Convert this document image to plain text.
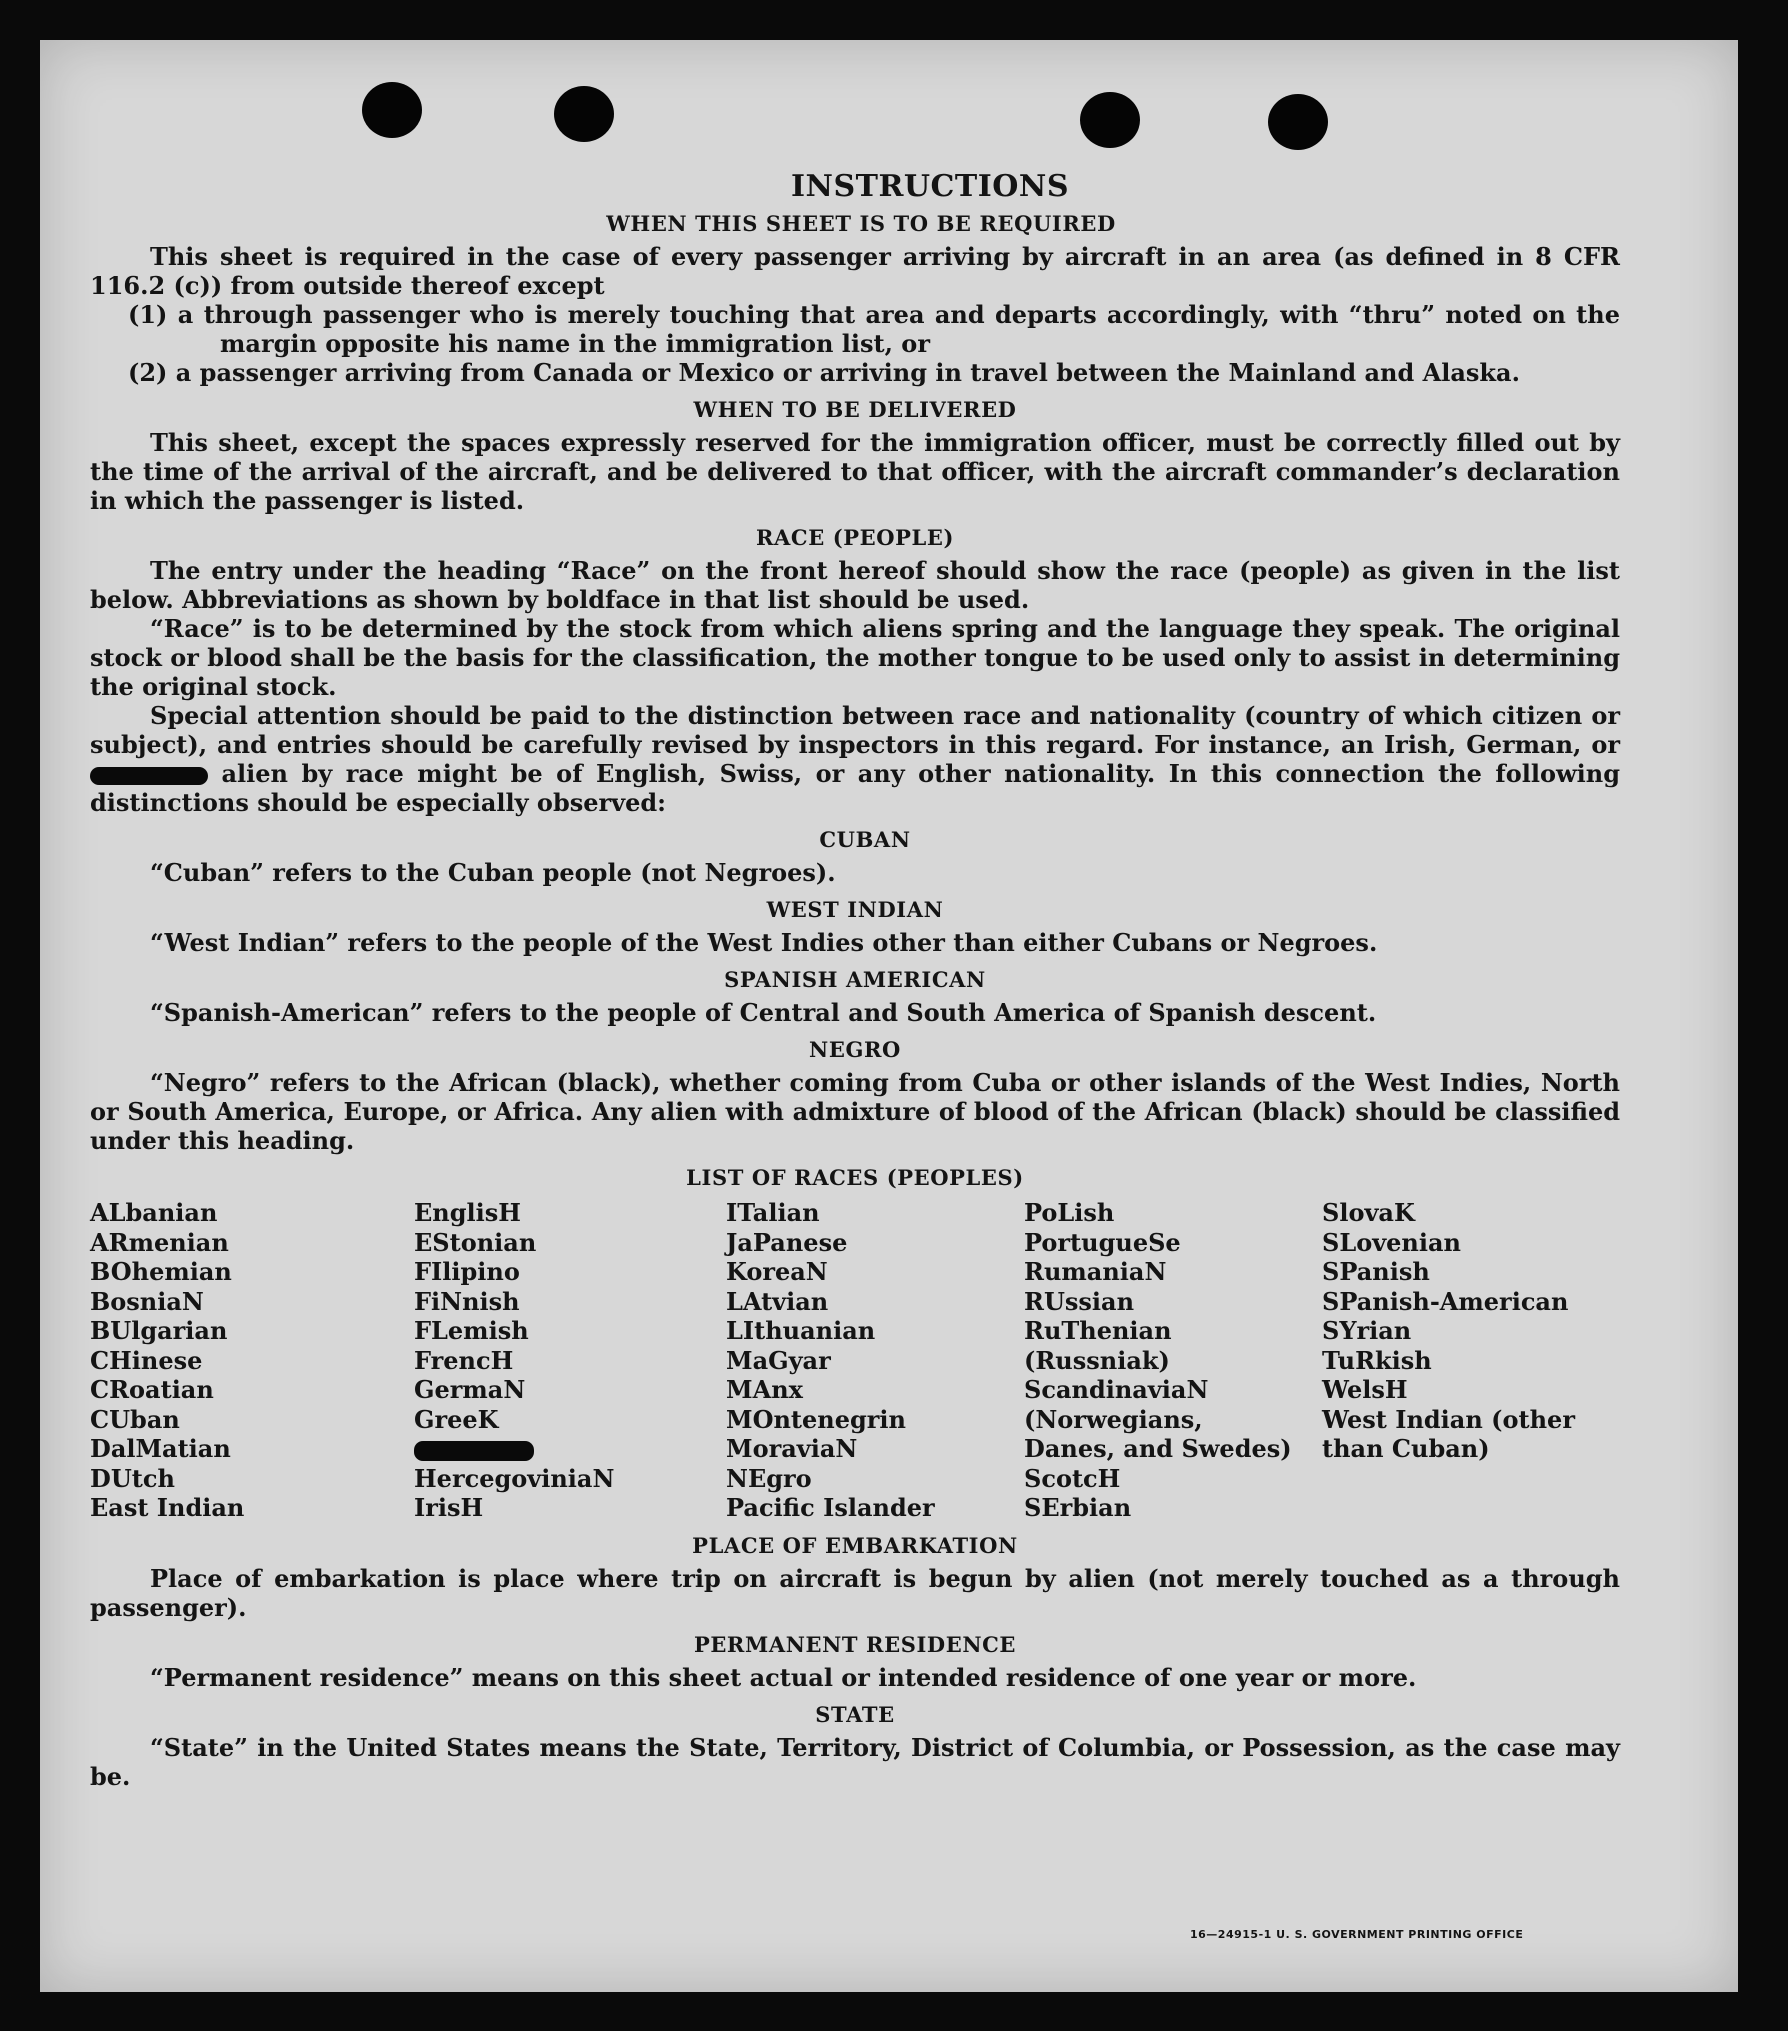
INSTRUCTIONS
WHEN THIS SHEET IS TO BE REQUIRED

This sheet is required in the case of every passenger arriving by aircraft in an area (as defined in 8 CFR 116.2 (c)) from outside thereof except

(1) a through passenger who is merely touching that area and departs accordingly, with “thru” noted on the margin opposite his name in the immigration list, or

(2) a passenger arriving from Canada or Mexico or arriving in travel between the Mainland and Alaska.

WHEN TO BE DELIVERED

This sheet, except the spaces expressly reserved for the immigration officer, must be correctly filled out by the time of the arrival of the aircraft, and be delivered to that officer, with the aircraft commander’s declaration in which the passenger is listed.

RACE (PEOPLE)

The entry under the heading “Race” on the front hereof should show the race (people) as given in the list below. Abbreviations as shown by boldface in that list should be used.

“Race” is to be determined by the stock from which aliens spring and the language they speak. The original stock or blood shall be the basis for the classification, the mother tongue to be used only to assist in determining the original stock.

Special attention should be paid to the distinction between race and nationality (country of which citizen or subject), and entries should be carefully revised by inspectors in this regard. For instance, an Irish, German, or  alien by race might be of English, Swiss, or any other nationality. In this connection the following distinctions should be especially observed:

CUBAN

“Cuban” refers to the Cuban people (not Negroes).

WEST INDIAN

“West Indian” refers to the people of the West Indies other than either Cubans or Negroes.

SPANISH AMERICAN

“Spanish-American” refers to the people of Central and South America of Spanish descent.

NEGRO

“Negro” refers to the African (black), whether coming from Cuba or other islands of the West Indies, North or South America, Europe, or Africa. Any alien with admixture of blood of the African (black) should be classified under this heading.

LIST OF RACES (PEOPLES)
ALbanian
ARmenian
BOhemian
BosniaN
BUlgarian
CHinese
CRoatian
CUban
DalMatian
DUtch
East Indian
EnglisH
EStonian
FIlipino
FiNnish
FLemish
FrencH
GermaN
GreeK
HercegoviniaN
IrisH
ITalian
JaPanese
KoreaN
LAtvian
LIthuanian
MaGyar
MAnx
MOntenegrin
MoraviaN
NEgro
Pacific Islander
PoLish
PortugueSe
RumaniaN
RUssian
RuThenian (Russniak)
ScandinaviaN (Norwegians, Danes, and Swedes)
ScotcH
SErbian
SlovaK
SLovenian
SPanish
SPanish-American
SYrian
TuRkish
WelsH
West Indian (other than Cuban)
PLACE OF EMBARKATION

Place of embarkation is place where trip on aircraft is begun by alien (not merely touched as a through passenger).

PERMANENT RESIDENCE

“Permanent residence” means on this sheet actual or intended residence of one year or more.

STATE

“State” in the United States means the State, Territory, District of Columbia, or Possession, as the case may be.

16—24915-1 U. S. GOVERNMENT PRINTING OFFICE
